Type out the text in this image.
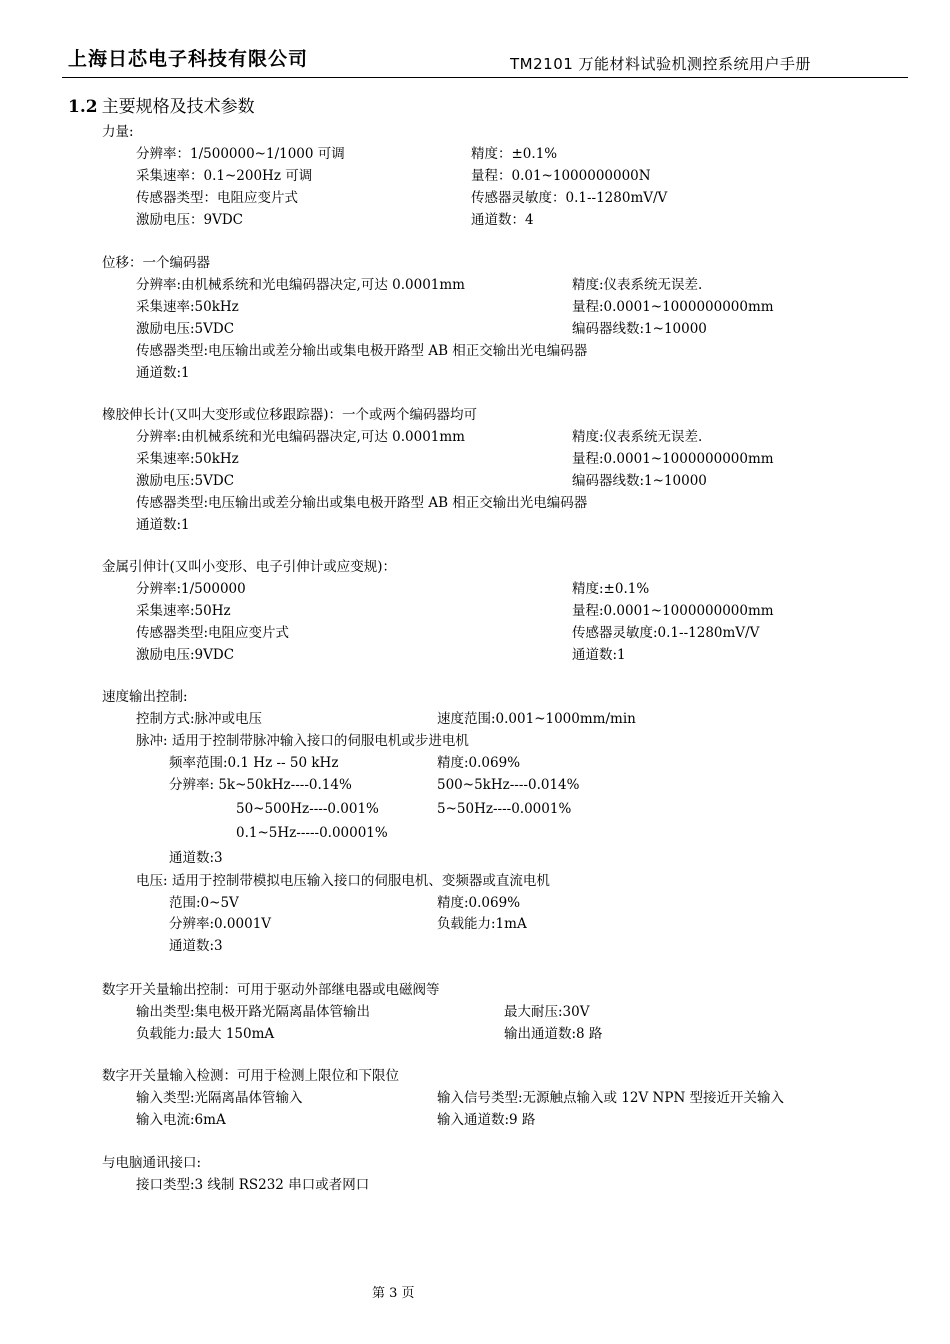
上海日芯电子科技有限公司	TM2101 万能材料试验机测控系统用户手册
1.2 主要规格及技术参数
力量:
分辨率：1/500000~1/1000 可调	精度：±0.1%
采集速率：0.1~200Hz 可调	量程：0.01~1000000000N
传感器类型：电阻应变片式	传感器灵敏度：0.1--1280mV/V
激励电压：9VDC	通道数：4
位移：一个编码器
分辨率:由机械系统和光电编码器决定,可达 0.0001mm	精度:仪表系统无误差.
采集速率:50kHz	量程:0.0001~1000000000mm
激励电压:5VDC	编码器线数:1~10000
传感器类型:电压输出或差分输出或集电极开路型 AB 相正交输出光电编码器
通道数:1
橡胶伸长计(又叫大变形或位移跟踪器)：一个或两个编码器均可
分辨率:由机械系统和光电编码器决定,可达 0.0001mm	精度:仪表系统无误差.
采集速率:50kHz	量程:0.0001~1000000000mm
激励电压:5VDC	编码器线数:1~10000
传感器类型:电压输出或差分输出或集电极开路型 AB 相正交输出光电编码器
通道数:1
金属引伸计(又叫小变形、电子引伸计或应变规)：
分辨率:1/500000	精度:±0.1%
采集速率:50Hz	量程:0.0001~1000000000mm
传感器类型:电阻应变片式	传感器灵敏度:0.1--1280mV/V
激励电压:9VDC	通道数:1
速度输出控制:
控制方式:脉冲或电压	速度范围:0.001~1000mm/min
脉冲: 适用于控制带脉冲输入接口的伺服电机或步进电机
频率范围:0.1 Hz -- 50 kHz	精度:0.069%
分辨率: 5k~50kHz----0.14%	500~5kHz----0.014%
50~500Hz----0.001%	5~50Hz----0.0001%
0.1~5Hz-----0.00001%
通道数:3
电压: 适用于控制带模拟电压输入接口的伺服电机、变频器或直流电机
范围:0~5V	精度:0.069%
分辨率:0.0001V	负载能力:1mA
通道数:3
数字开关量输出控制：可用于驱动外部继电器或电磁阀等
输出类型:集电极开路光隔离晶体管输出	最大耐压:30V
负载能力:最大 150mA	输出通道数:8 路
数字开关量输入检测：可用于检测上限位和下限位
输入类型:光隔离晶体管输入	输入信号类型:无源触点输入或 12V NPN 型接近开关输入
输入电流:6mA	输入通道数:9 路
与电脑通讯接口:
接口类型:3 线制 RS232 串口或者网口
第 3 页
